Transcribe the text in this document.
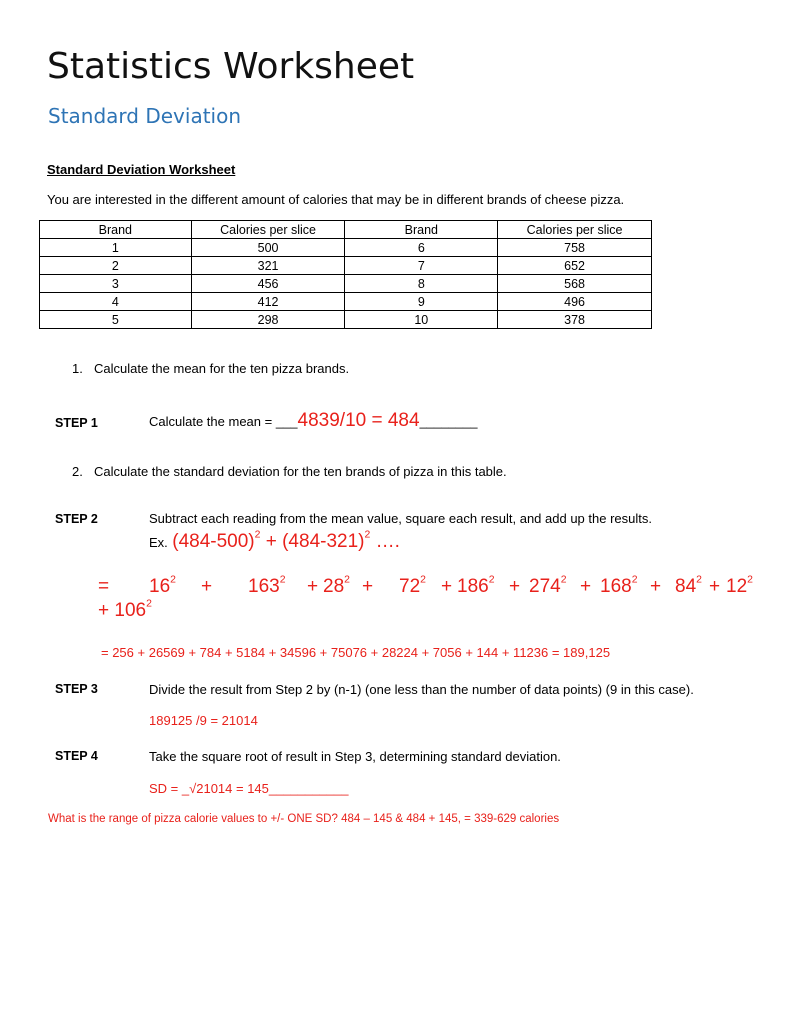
Statistics Worksheet
Standard Deviation
Standard Deviation Worksheet
You are interested in the different amount of calories that may be in different brands of cheese pizza.
Brand	Calories per slice	Brand	Calories per slice
1	500	6	758
2	321	7	652
3	456	8	568
4	412	9	496
5	298	10	378
1. Calculate the mean for the ten pizza brands.
STEP 1	Calculate the mean = ___4839/10 = 484________
2. Calculate the standard deviation for the ten brands of pizza in this table.
STEP 2	Subtract each reading from the mean value, square each result, and add up the results.
Ex. $(484-500)^2 + (484-321)^2$ ….
= $16^2 + 163^2 + 28^2 + 72^2 + 186^2 + 274^2 + 168^2 + 84^2 + 12^2$
+ $106^2$
= 256 + 26569 + 784 + 5184 + 34596 + 75076 + 28224 + 7056 + 144 + 11236 = 189,125
STEP 3	Divide the result from Step 2 by (n-1) (one less than the number of data points) (9 in this case).
189125 /9 = 21014
STEP 4	Take the square root of result in Step 3, determining standard deviation.
SD = _√21014 = 145___________
What is the range of pizza calorie values to +/- ONE SD? 484 – 145 & 484 + 145, = 339-629 calories
